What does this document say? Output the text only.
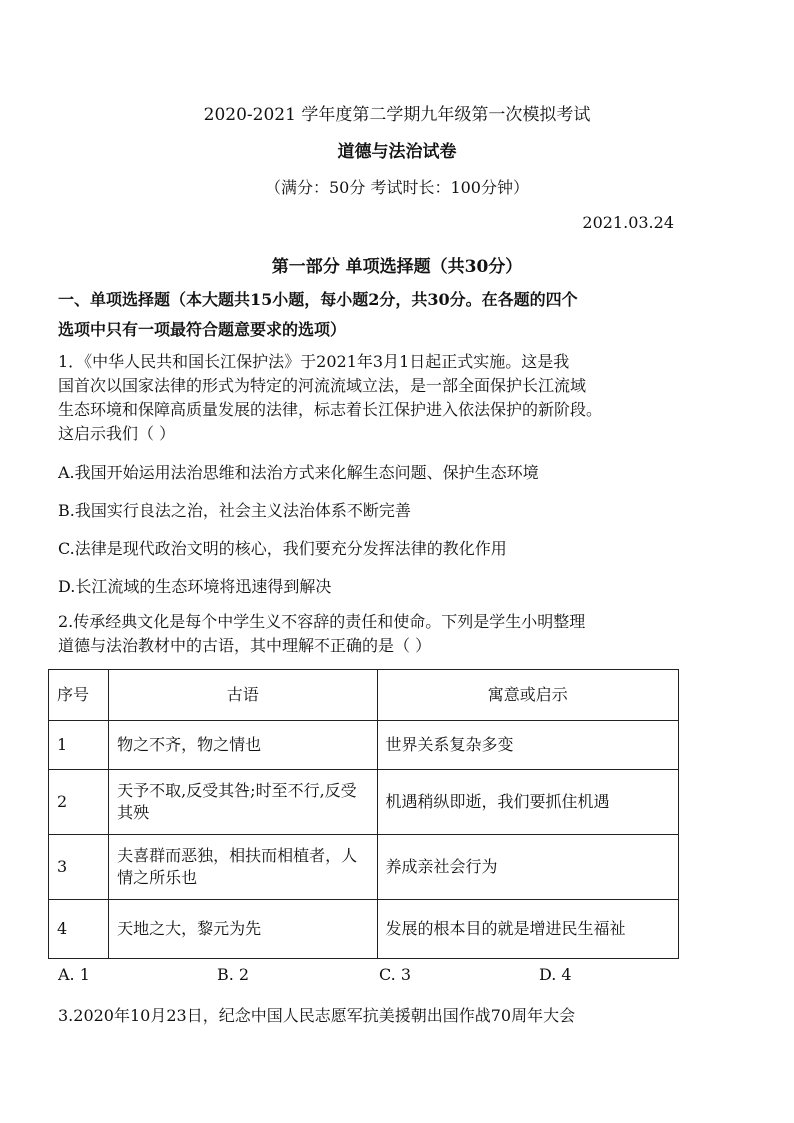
2020-2021 学年度第二学期九年级第一次模拟考试
道德与法治试卷
（满分：50分 考试时长：100分钟）
2021.03.24
第一部分 单项选择题（共30分）
一、单项选择题（本大题共15小题，每小题2分，共30分。在各题的四个
选项中只有一项最符合题意要求的选项）
1．《中华人民共和国长江保护法》于2021年3月1日起正式实施。这是我
国首次以国家法律的形式为特定的河流流域立法，是一部全面保护长江流域
生态环境和保障高质量发展的法律，标志着长江保护进入依法保护的新阶段。
这启示我们（ ）
A.我国开始运用法治思维和法治方式来化解生态问题、保护生态环境
B.我国实行良法之治，社会主义法治体系不断完善
C.法律是现代政治文明的核心，我们要充分发挥法律的教化作用
D.长江流域的生态环境将迅速得到解决
2.传承经典文化是每个中学生义不容辞的责任和使命。下列是学生小明整理
道德与法治教材中的古语，其中理解不正确的是（ ）
序号	古语	寓意或启示
1	物之不齐，物之情也	世界关系复杂多变
2	天予不取,反受其咎;时至不行,反受其殃	机遇稍纵即逝，我们要抓住机遇
3	夫喜群而恶独，相扶而相植者，人情之所乐也	养成亲社会行为
4	天地之大，黎元为先	发展的根本目的就是增进民生福祉
A. 1	B. 2	C. 3	D. 4
3.2020年10月23日，纪念中国人民志愿军抗美援朝出国作战70周年大会
